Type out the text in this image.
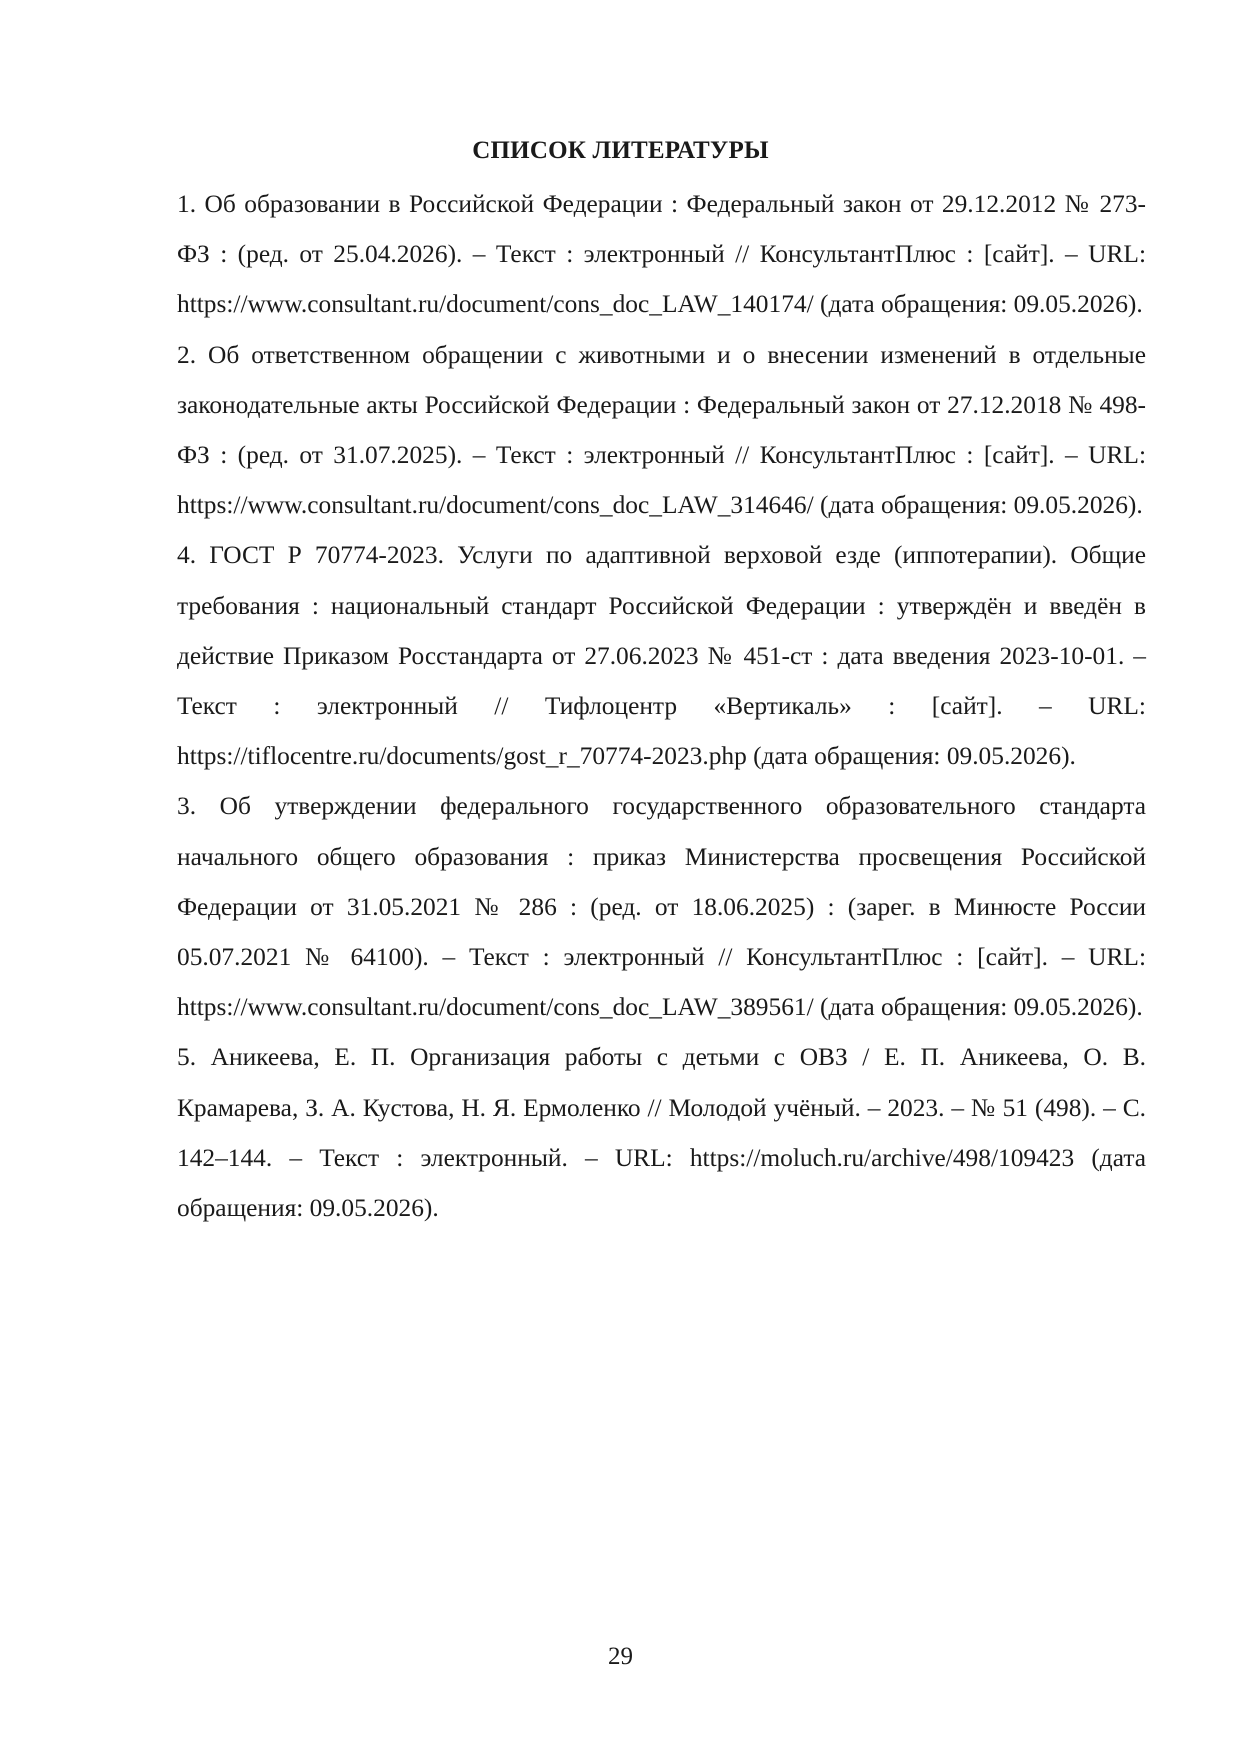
СПИСОК ЛИТЕРАТУРЫ
1. Об образовании в Российской Федерации : Федеральный закон от 29.12.2012 № 273-ФЗ : (ред. от 25.04.2026). – Текст : электронный // КонсультантПлюс : [сайт]. – URL: https://www.consultant.ru/document/cons_doc_LAW_140174/ (дата обращения: 09.05.2026).
2. Об ответственном обращении с животными и о внесении изменений в отдельные законодательные акты Российской Федерации : Федеральный закон от 27.12.2018 № 498-ФЗ : (ред. от 31.07.2025). – Текст : электронный // КонсультантПлюс : [сайт]. – URL: https://www.consultant.ru/document/cons_doc_LAW_314646/ (дата обращения: 09.05.2026).
4. ГОСТ Р 70774-2023. Услуги по адаптивной верховой езде (иппотерапии). Общие требования : национальный стандарт Российской Федерации : утверждён и введён в действие Приказом Росстандарта от 27.06.2023 № 451-ст : дата введения 2023-10-01. – Текст : электронный // Тифлоцентр «Вертикаль» : [сайт]. – URL: https://tiflocentre.ru/documents/gost_r_70774-2023.php (дата обращения: 09.05.2026).
3. Об утверждении федерального государственного образовательного стандарта начального общего образования : приказ Министерства просвещения Российской Федерации от 31.05.2021 № 286 : (ред. от 18.06.2025) : (зарег. в Минюсте России 05.07.2021 № 64100). – Текст : электронный // КонсультантПлюс : [сайт]. – URL: https://www.consultant.ru/document/cons_doc_LAW_389561/ (дата обращения: 09.05.2026).
5. Аникеева, Е. П. Организация работы с детьми с ОВЗ / Е. П. Аникеева, О. В. Крамарева, З. А. Кустова, Н. Я. Ермоленко // Молодой учёный. – 2023. – № 51 (498). – С. 142–144. – Текст : электронный. – URL: https://moluch.ru/archive/498/109423 (дата обращения: 09.05.2026).
29
